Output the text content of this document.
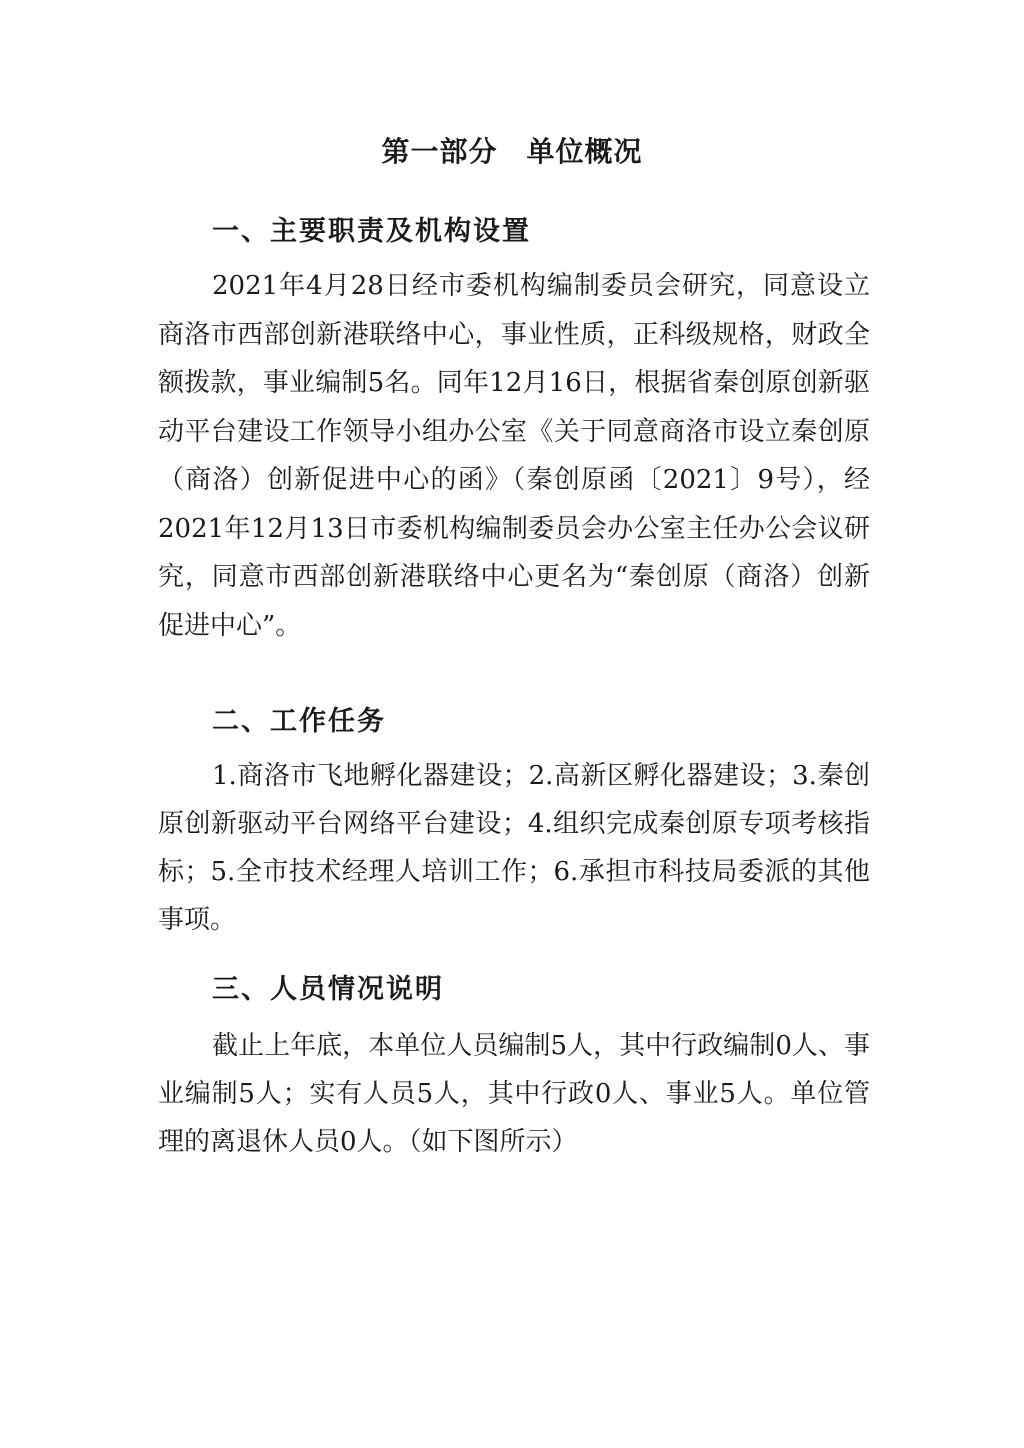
第一部分　单位概况
一、主要职责及机构设置

2021年4月28日经市委机构编制委员会研究，同意设立商洛市西部创新港联络中心，事业性质，正科级规格，财政全额拨款，事业编制5名。同年12月16日，根据省秦创原创新驱动平台建设工作领导小组办公室《关于同意商洛市设立秦创原（商洛）创新促进中心的函》（秦创原函〔2021〕9号），经2021年12月13日市委机构编制委员会办公室主任办公会议研究，同意市西部创新港联络中心更名为“秦创原（商洛）创新促进中心”。

二、工作任务

1.商洛市飞地孵化器建设；2.高新区孵化器建设；3.秦创原创新驱动平台网络平台建设；4.组织完成秦创原专项考核指标；5.全市技术经理人培训工作；6.承担市科技局委派的其他事项。

三、人员情况说明

截止上年底，本单位人员编制5人，其中行政编制0人、事业编制5人；实有人员5人，其中行政0人、事业5人。单位管理的离退休人员0人。（如下图所示）
